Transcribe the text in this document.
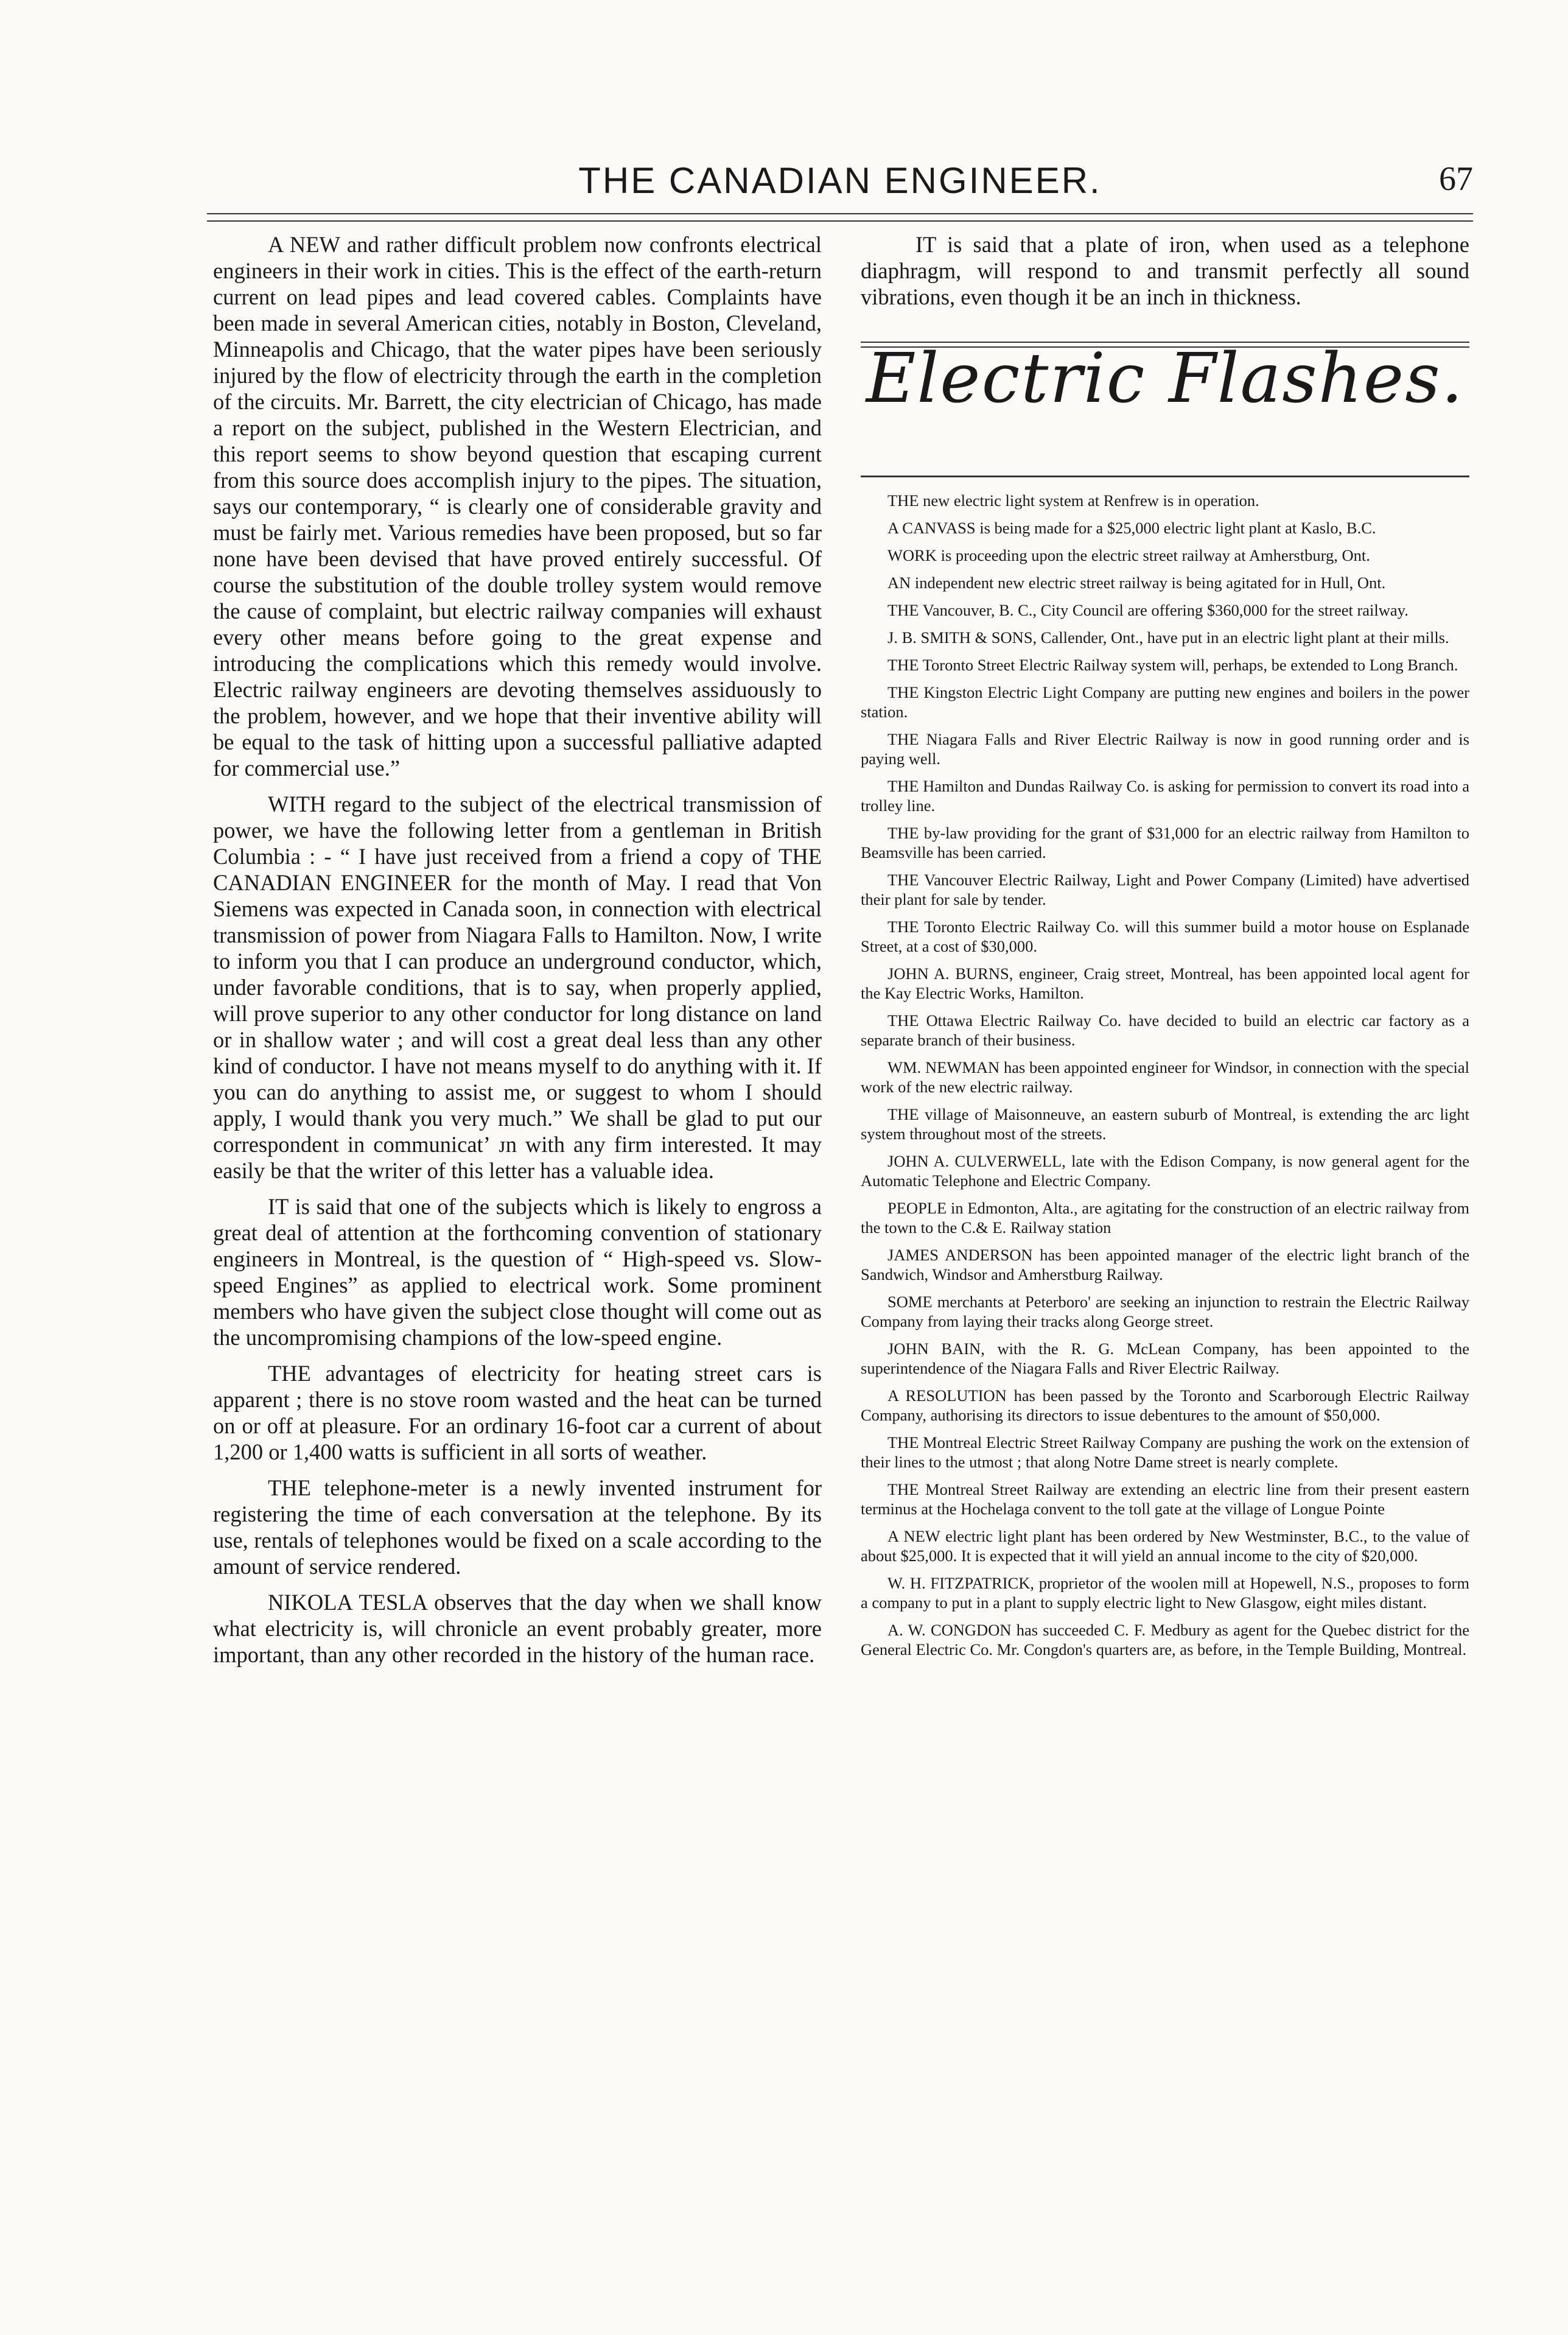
THE CANADIAN ENGINEER.	67

A NEW and rather difficult problem now confronts electrical engineers in their work in cities. This is the effect of the earth-return current on lead pipes and lead covered cables. Complaints have been made in several American cities, notably in Boston, Cleveland, Minneapolis and Chicago, that the water pipes have been seriously injured by the flow of electricity through the earth in the completion of the circuits. Mr. Barrett, the city electrician of Chicago, has made a report on the subject, published in the Western Electrician, and this report seems to show beyond question that escaping current from this source does accomplish injury to the pipes. The situation, says our contemporary, “ is clearly one of considerable gravity and must be fairly met. Various remedies have been proposed, but so far none have been devised that have proved entirely successful. Of course the substitution of the double trolley system would remove the cause of complaint, but electric railway companies will exhaust every other means before going to the great expense and introducing the complications which this remedy would involve. Electric railway engineers are devoting themselves assiduously to the problem, however, and we hope that their inventive ability will be equal to the task of hitting upon a successful palliative adapted for commercial use.”

WITH regard to the subject of the electrical transmission of power, we have the following letter from a gentleman in British Columbia : - “ I have just received from a friend a copy of THE CANADIAN ENGINEER for the month of May. I read that Von Siemens was expected in Canada soon, in connection with electrical transmission of power from Niagara Falls to Hamilton. Now, I write to inform you that I can produce an underground conductor, which, under favorable conditions, that is to say, when properly applied, will prove superior to any other conductor for long distance on land or in shallow water ; and will cost a great deal less than any other kind of conductor. I have not means myself to do anything with it. If you can do anything to assist me, or suggest to whom I should apply, I would thank you very much.” We shall be glad to put our correspondent in communicatʼ ᴊn with any firm interested. It may easily be that the writer of this letter has a valuable idea.

IT is said that one of the subjects which is likely to engross a great deal of attention at the forthcoming convention of stationary engineers in Montreal, is the question of “ High-speed vs. Slow-speed Engines” as applied to electrical work. Some prominent members who have given the subject close thought will come out as the uncompromising champions of the low-speed engine.

THE advantages of electricity for heating street cars is apparent ; there is no stove room wasted and the heat can be turned on or off at pleasure. For an ordinary 16-foot car a current of about 1,200 or 1,400 watts is sufficient in all sorts of weather.

THE telephone-meter is a newly invented instrument for registering the time of each conversation at the telephone. By its use, rentals of telephones would be fixed on a scale according to the amount of service rendered.

NIKOLA TESLA observes that the day when we shall know what electricity is, will chronicle an event probably greater, more important, than any other recorded in the history of the human race.

IT is said that a plate of iron, when used as a telephone diaphragm, will respond to and transmit perfectly all sound vibrations, even though it be an inch in thickness.

Electric Flashes.
THE new electric light system at Renfrew is in operation.
A CANVASS is being made for a $25,000 electric light plant at Kaslo, B.C.
WORK is proceeding upon the electric street railway at Amherstburg, Ont.
AN independent new electric street railway is being agitated for in Hull, Ont.
THE Vancouver, B. C., City Council are offering $360,000 for the street railway.
J. B. SMITH & SONS, Callender, Ont., have put in an electric light plant at their mills.
THE Toronto Street Electric Railway system will, perhaps, be extended to Long Branch.
THE Kingston Electric Light Company are putting new engines and boilers in the power station.
THE Niagara Falls and River Electric Railway is now in good running order and is paying well.
THE Hamilton and Dundas Railway Co. is asking for permission to convert its road into a trolley line.
THE by-law providing for the grant of $31,000 for an electric railway from Hamilton to Beamsville has been carried.
THE Vancouver Electric Railway, Light and Power Company (Limited) have advertised their plant for sale by tender.
THE Toronto Electric Railway Co. will this summer build a motor house on Esplanade Street, at a cost of $30,000.
JOHN A. BURNS, engineer, Craig street, Montreal, has been appointed local agent for the Kay Electric Works, Hamilton.
THE Ottawa Electric Railway Co. have decided to build an electric car factory as a separate branch of their business.
WM. NEWMAN has been appointed engineer for Windsor, in connection with the special work of the new electric railway.
THE village of Maisonneuve, an eastern suburb of Montreal, is extending the arc light system throughout most of the streets.
JOHN A. CULVERWELL, late with the Edison Company, is now general agent for the Automatic Telephone and Electric Company.
PEOPLE in Edmonton, Alta., are agitating for the construction of an electric railway from the town to the C.& E. Railway station
JAMES ANDERSON has been appointed manager of the electric light branch of the Sandwich, Windsor and Amherstburg Railway.
SOME merchants at Peterboro' are seeking an injunction to restrain the Electric Railway Company from laying their tracks along George street.
JOHN BAIN, with the R. G. McLean Company, has been appointed to the superintendence of the Niagara Falls and River Electric Railway.
A RESOLUTION has been passed by the Toronto and Scarborough Electric Railway Company, authorising its directors to issue debentures to the amount of $50,000.
THE Montreal Electric Street Railway Company are pushing the work on the extension of their lines to the utmost ; that along Notre Dame street is nearly complete.
THE Montreal Street Railway are extending an electric line from their present eastern terminus at the Hochelaga convent to the toll gate at the village of Longue Pointe
A NEW electric light plant has been ordered by New Westminster, B.C., to the value of about $25,000. It is expected that it will yield an annual income to the city of $20,000.
W. H. FITZPATRICK, proprietor of the woolen mill at Hopewell, N.S., proposes to form a company to put in a plant to supply electric light to New Glasgow, eight miles distant.
A. W. CONGDON has succeeded C. F. Medbury as agent for the Quebec district for the General Electric Co. Mr. Congdon's quarters are, as before, in the Temple Building, Montreal.
